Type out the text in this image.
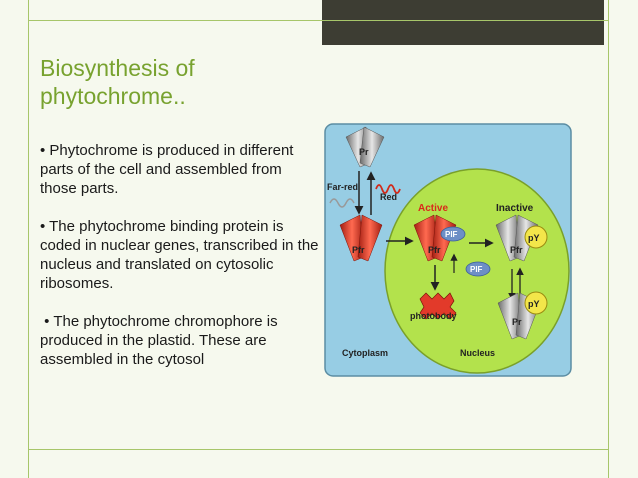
Biosynthesis of phytochrome..

• Phytochrome is produced in different parts of the cell and assembled from those parts.

• The phytochrome binding protein is coded in nuclear genes, transcribed in the nucleus and translated on cytosolic ribosomes.

• The phytochrome chromophore is produced in the plastid. These are assembled in the cytosol

Pr
Far-red
Red
Pfr
Active	Inactive
Pfr
PIF
PIF
Pfr
pY
Pr
pY
photobody
Cytoplasm	Nucleus
